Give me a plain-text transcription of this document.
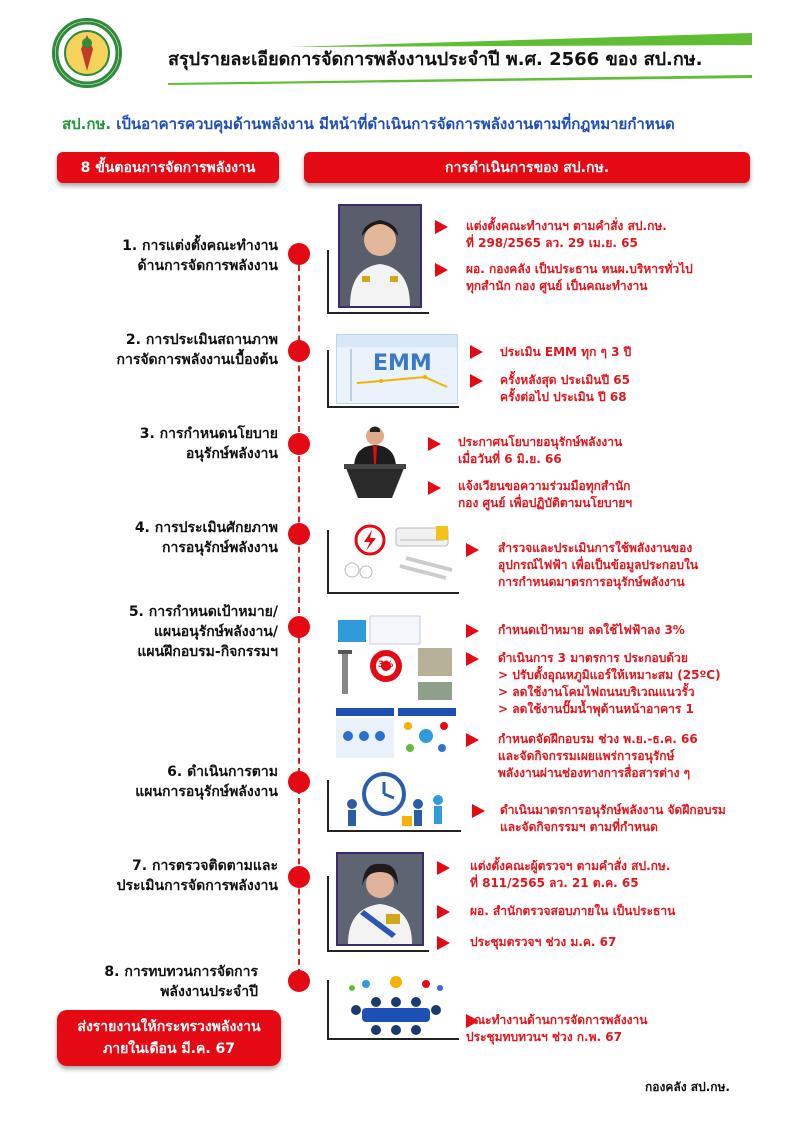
สรุปรายละเอียดการจัดการพลังงานประจำปี พ.ศ. 2566 ของ สป.กษ.
สป.กษ. เป็นอาคารควบคุมด้านพลังงาน มีหน้าที่ดำเนินการจัดการพลังงานตามที่กฎหมายกำหนด
8 ขั้นตอนการจัดการพลังงาน	การดำเนินการของ สป.กษ.
1. การแต่งตั้งคณะทำงาน
ด้านการจัดการพลังงาน
แต่งตั้งคณะทำงานฯ ตามคำสั่ง สป.กษ.
ที่ 298/2565 ลว. 29 เม.ย. 65
ผอ. กองคลัง เป็นประธาน หนผ.บริหารทั่วไป
ทุกสำนัก กอง ศูนย์ เป็นคณะทำงาน
2. การประเมินสถานภาพ
การจัดการพลังงานเบื้องต้น	EMM	ประเมิน EMM ทุก ๆ 3 ปี
ครั้งหลังสุด ประเมินปี 65
ครั้งต่อไป ประเมิน ปี 68
3. การกำหนดนโยบาย
อนุรักษ์พลังงาน
ประกาศนโยบายอนุรักษ์พลังงาน
เมื่อวันที่ 6 มิ.ย. 66
แจ้งเวียนขอความร่วมมือทุกสำนัก
กอง ศูนย์ เพื่อปฏิบัติตามนโยบายฯ
4. การประเมินศักยภาพ
การอนุรักษ์พลังงาน	สำรวจและประเมินการใช้พลังงานของ
อุปกรณ์ไฟฟ้า เพื่อเป็นข้อมูลประกอบใน
การกำหนดมาตรการอนุรักษ์พลังงาน
5. การกำหนดเป้าหมาย/
แผนอนุรักษ์พลังงาน/
แผนฝึกอบรม-กิจกรรมฯ
3%
กำหนดเป้าหมาย ลดใช้ไฟฟ้าลง 3%
ดำเนินการ 3 มาตรการ ประกอบด้วย
> ปรับตั้งอุณหภูมิแอร์ให้เหมาะสม (25ºC)
> ลดใช้งานโคมไฟถนนบริเวณแนวรั้ว
> ลดใช้งานปั๊มน้ำพุด้านหน้าอาคาร 1
กำหนดจัดฝึกอบรม ช่วง พ.ย.-ธ.ค. 66
และจัดกิจกรรมเผยแพร่การอนุรักษ์
พลังงานผ่านช่องทางการสื่อสารต่าง ๆ
6. ดำเนินการตาม
แผนการอนุรักษ์พลังงาน
ดำเนินมาตรการอนุรักษ์พลังงาน จัดฝึกอบรม
และจัดกิจกรรมฯ ตามที่กำหนด
7. การตรวจติดตามและ
ประเมินการจัดการพลังงาน
แต่งตั้งคณะผู้ตรวจฯ ตามคำสั่ง สป.กษ.
ที่ 811/2565 ลว. 21 ต.ค. 65
ผอ. สำนักตรวจสอบภายใน เป็นประธาน
ประชุมตรวจฯ ช่วง ม.ค. 67
8. การทบทวนการจัดการ
พลังงานประจำปี
คณะทำงานด้านการจัดการพลังงาน
ประชุมทบทวนฯ ช่วง ก.พ. 67
ส่งรายงานให้กระทรวงพลังงาน
ภายในเดือน มี.ค. 67
กองคลัง สป.กษ.
